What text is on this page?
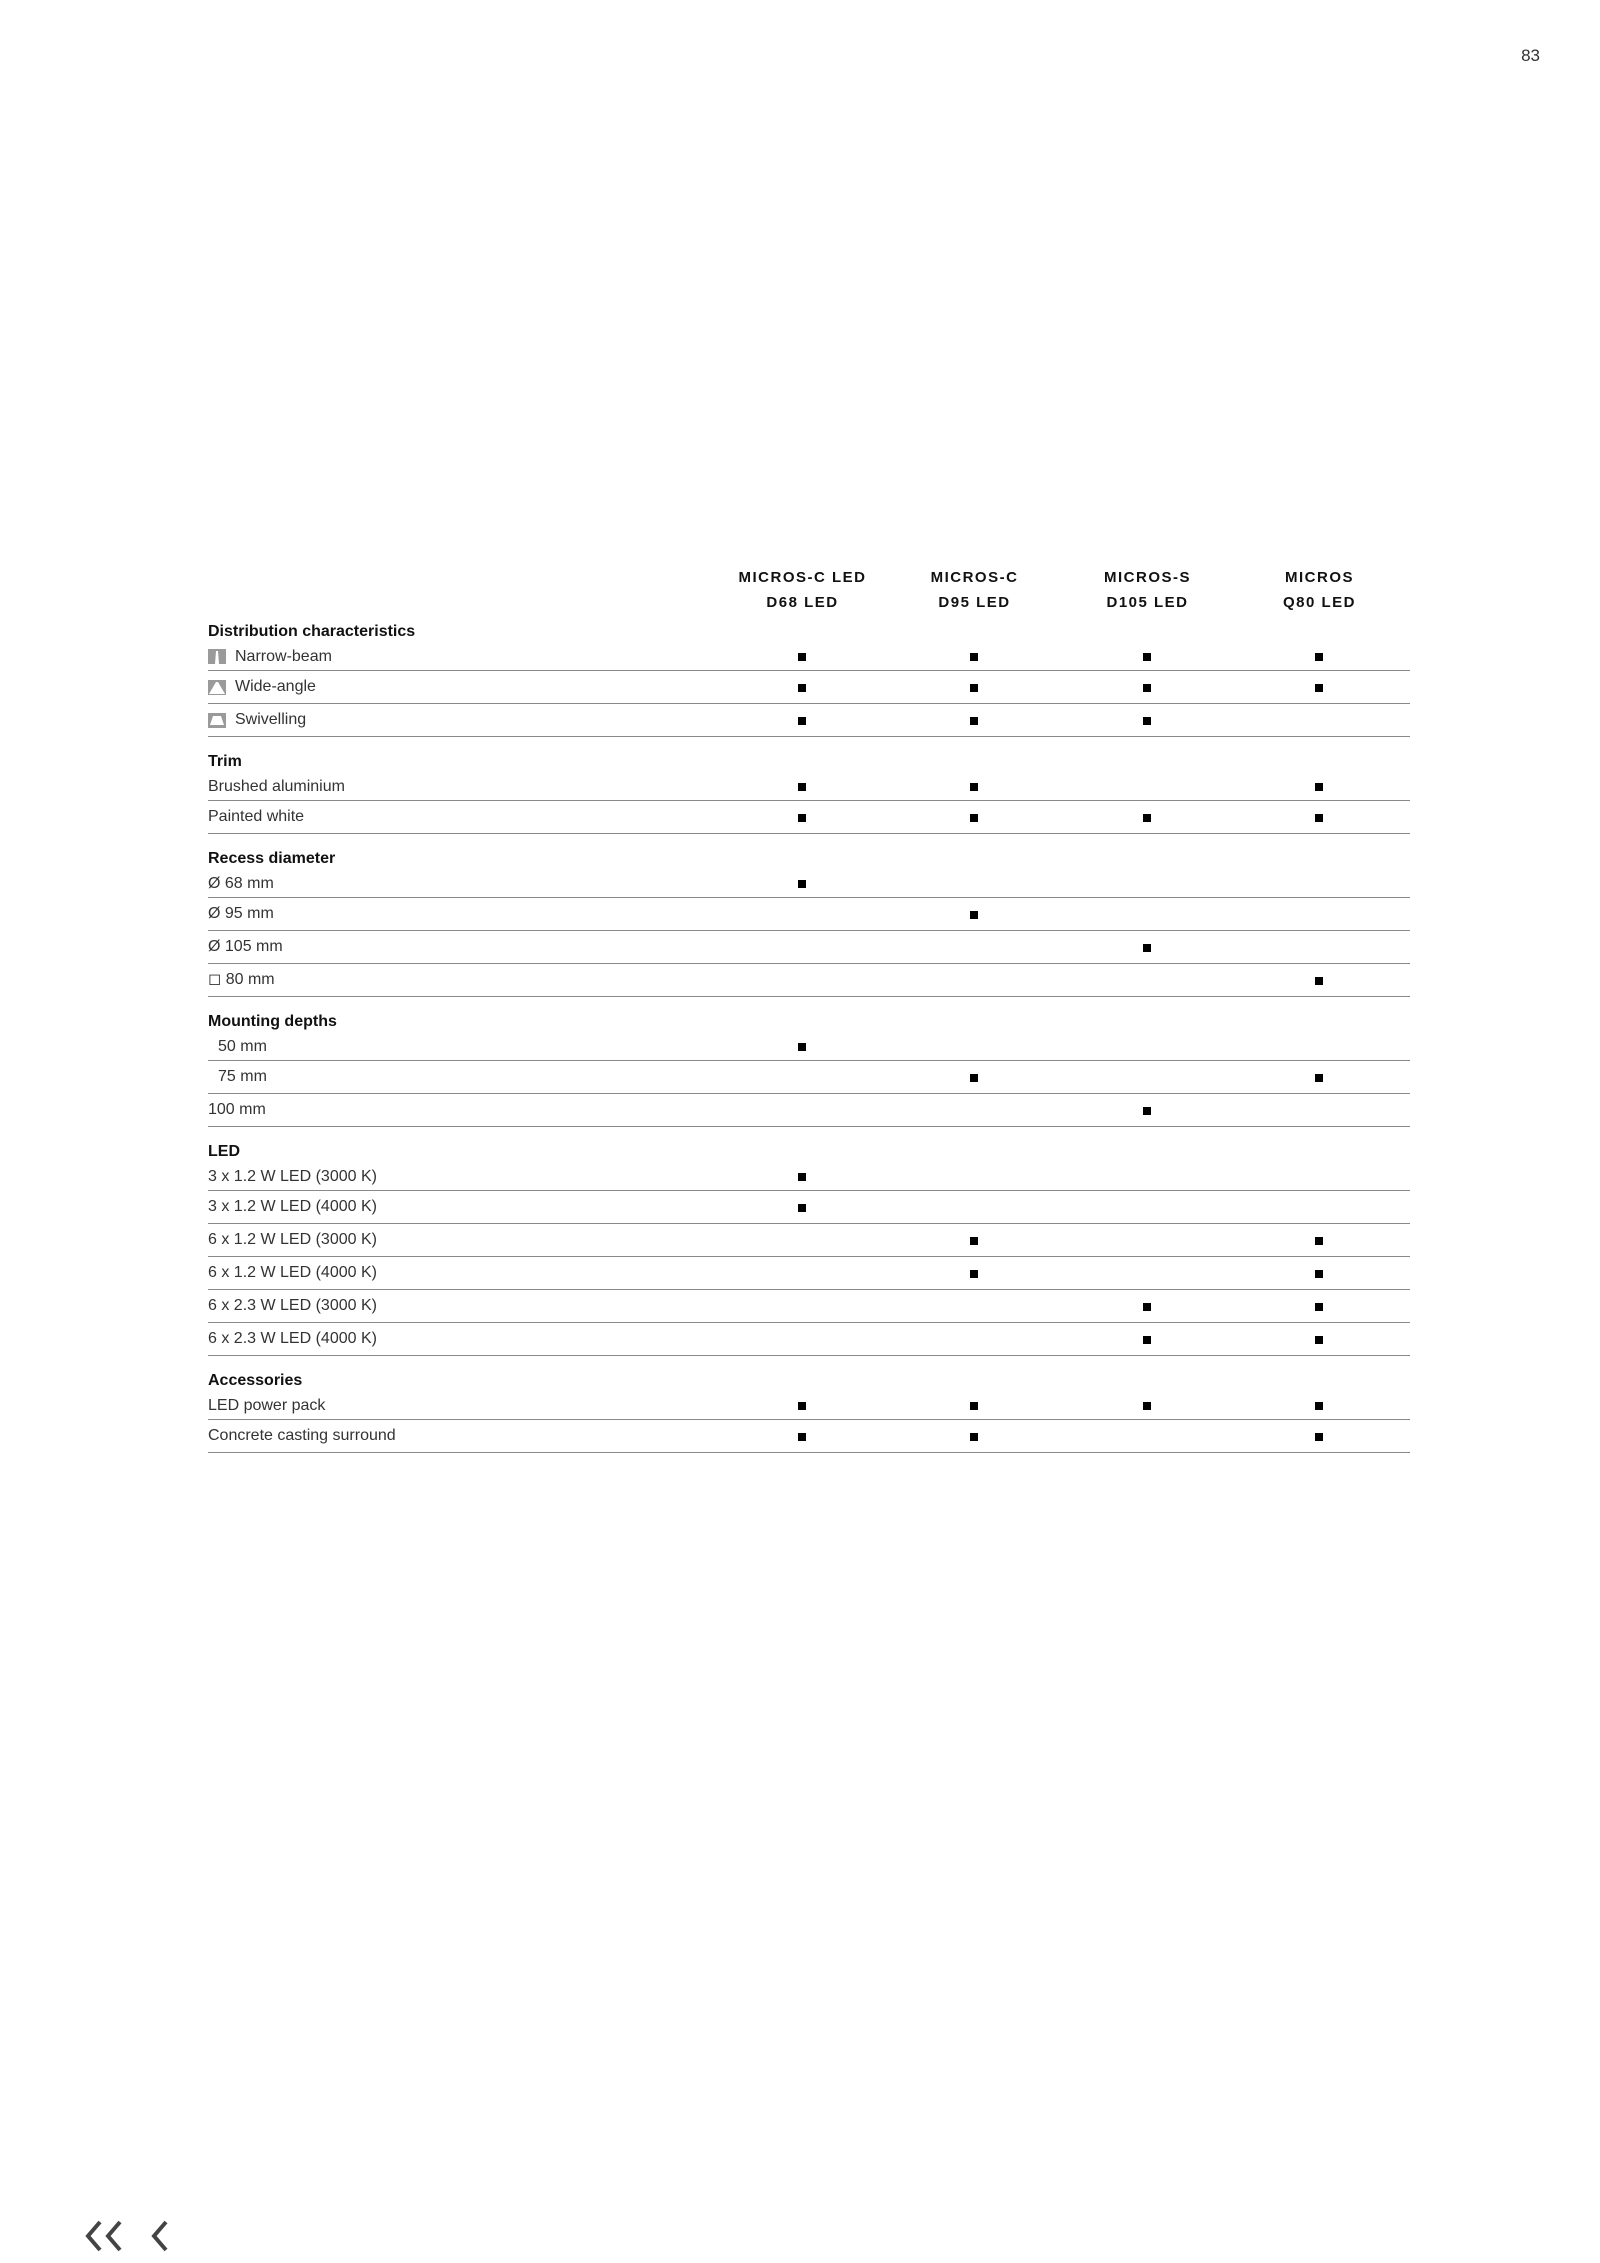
83
MICROS-C LED
D68 LED
MICROS-C
D95 LED
MICROS-S
D105 LED
MICROS
Q80 LED
Distribution characteristics
Narrow-beam
Wide-angle
Swivelling
Trim
Brushed aluminium
Painted white
Recess diameter
Ø 68 mm
Ø 95 mm
Ø 105 mm
◻ 80 mm
Mounting depths
50 mm
75 mm
100 mm
LED
3 x 1.2 W LED (3000 K)
3 x 1.2 W LED (4000 K)
6 x 1.2 W LED (3000 K)
6 x 1.2 W LED (4000 K)
6 x 2.3 W LED (3000 K)
6 x 2.3 W LED (4000 K)
Accessories
LED power pack
Concrete casting surround
